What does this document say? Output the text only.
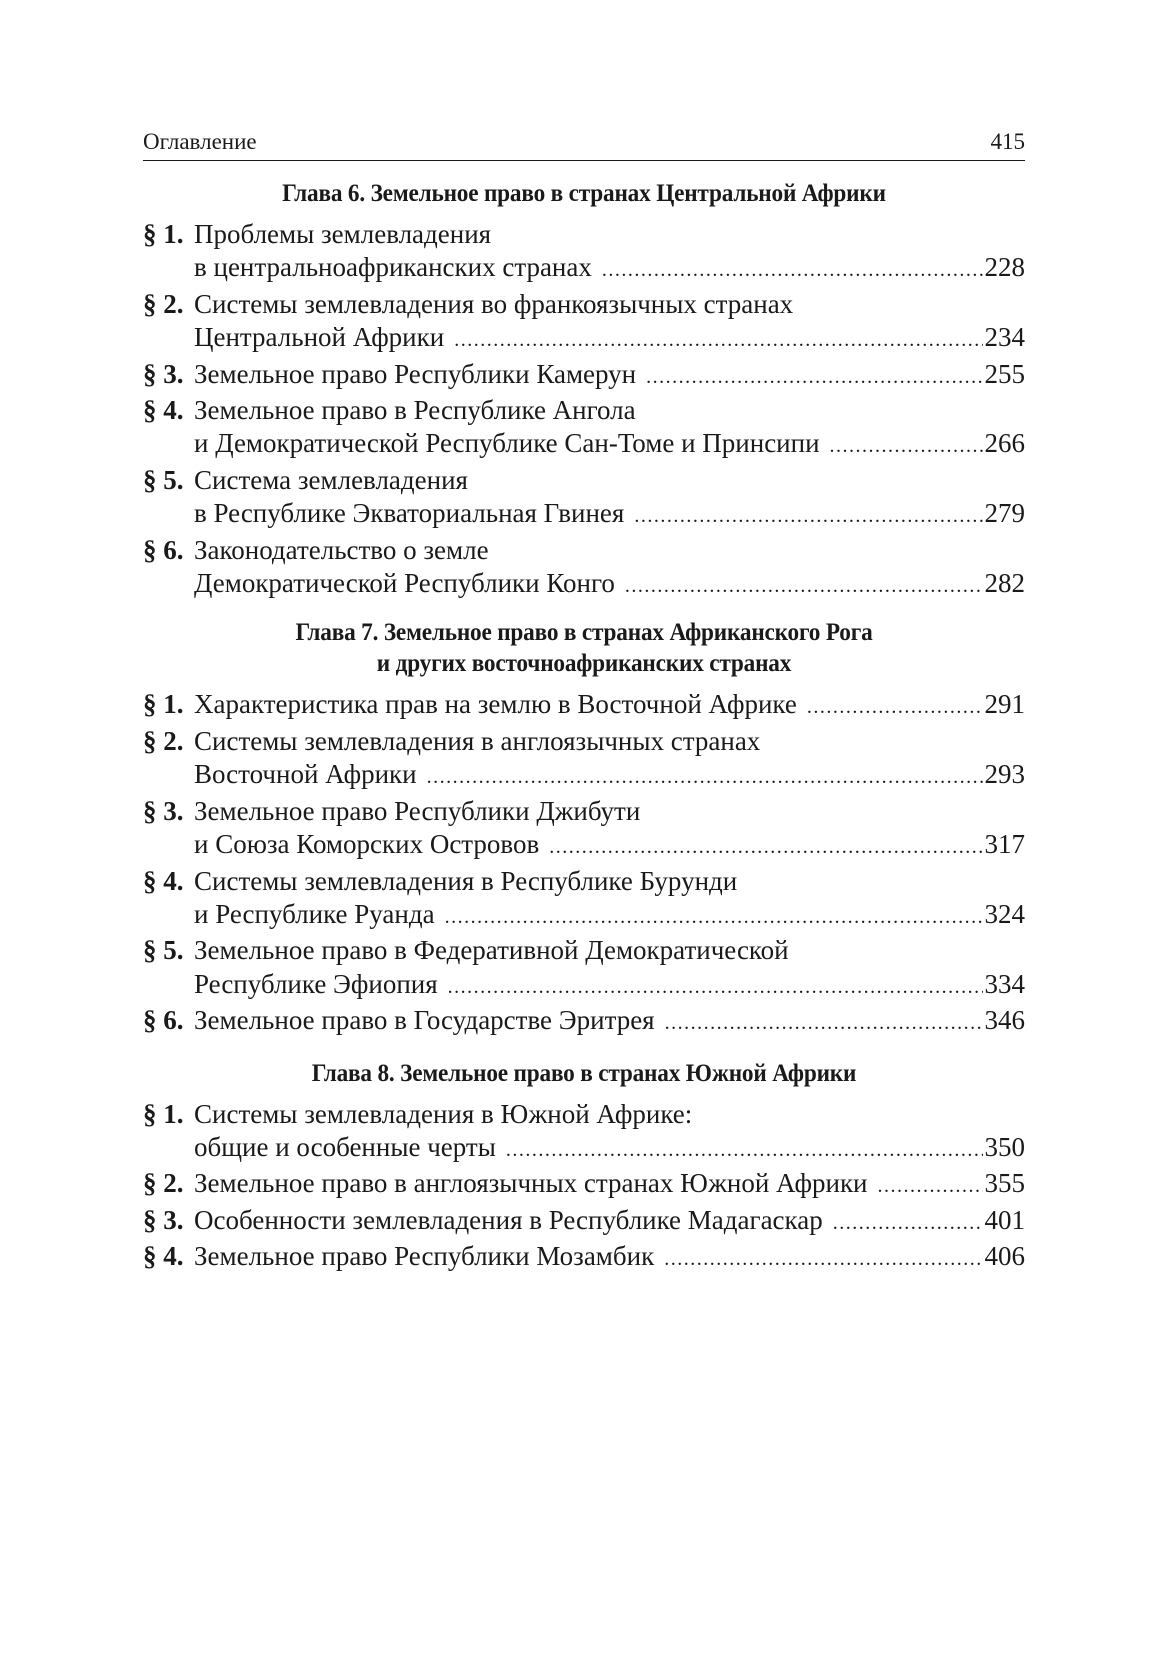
Оглавление	415
Глава 6. Земельное право в странах Центральной Африки
§ 1. Проблемы землевладения
в центральноафриканских странах .....	228
§ 2. Системы землевладения во франкоязычных странах
Центральной Африки .....	234
§ 3. Земельное право Республики Камерун .....	255
§ 4. Земельное право в Республике Ангола
и Демократической Республике Сан-Томе и Принсипи .....	266
§ 5. Система землевладения
в Республике Экваториальная Гвинея .....	279
§ 6. Законодательство о земле
Демократической Республики Конго .....	282
Глава 7. Земельное право в странах Африканского Рога
и других восточноафриканских странах
§ 1. Характеристика прав на землю в Восточной Африке .....	291
§ 2. Системы землевладения в англоязычных странах
Восточной Африки .....	293
§ 3. Земельное право Республики Джибути
и Союза Коморских Островов .....	317
§ 4. Системы землевладения в Республике Бурунди
и Республике Руанда .....	324
§ 5. Земельное право в Федеративной Демократической
Республике Эфиопия .....	334
§ 6. Земельное право в Государстве Эритрея .....	346
Глава 8. Земельное право в странах Южной Африки
§ 1. Системы землевладения в Южной Африке:
общие и особенные черты .....	350
§ 2. Земельное право в англоязычных странах Южной Африки .....	355
§ 3. Особенности землевладения в Республике Мадагаскар .....	401
§ 4. Земельное право Республики Мозамбик .....	406
